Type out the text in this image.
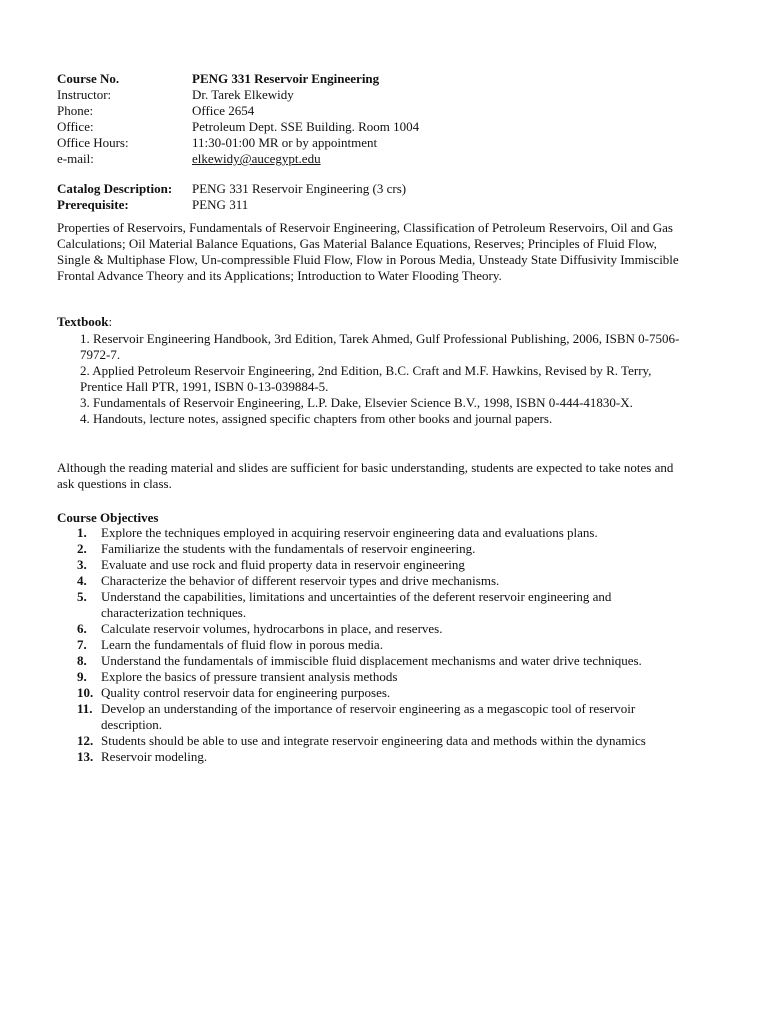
Course No.	PENG 331 Reservoir Engineering
Instructor:	Dr. Tarek Elkewidy
Phone:	Office 2654
Office:	Petroleum Dept. SSE Building. Room 1004
Office Hours:	11:30-01:00 MR or by appointment
e-mail:	elkewidy@aucegypt.edu
Catalog Description:	PENG 331 Reservoir Engineering (3 crs)
Prerequisite:	PENG 311
Properties of Reservoirs, Fundamentals of Reservoir Engineering, Classification of Petroleum Reservoirs, Oil and Gas Calculations; Oil Material Balance Equations, Gas Material Balance Equations, Reserves; Principles of Fluid Flow, Single & Multiphase Flow, Un-compressible Fluid Flow, Flow in Porous Media, Unsteady State Diffusivity Immiscible Frontal Advance Theory and its Applications; Introduction to Water Flooding Theory.
Textbook:
1. Reservoir Engineering Handbook, 3rd Edition, Tarek Ahmed, Gulf Professional Publishing, 2006, ISBN 0-7506-7972-7.
2. Applied Petroleum Reservoir Engineering, 2nd Edition, B.C. Craft and M.F. Hawkins, Revised by R. Terry, Prentice Hall PTR, 1991, ISBN 0-13-039884-5.
3. Fundamentals of Reservoir Engineering, L.P. Dake, Elsevier Science B.V., 1998, ISBN 0-444-41830-X.
4. Handouts, lecture notes, assigned specific chapters from other books and journal papers.
Although the reading material and slides are sufficient for basic understanding, students are expected to take notes and ask questions in class.
Course Objectives
1.	Explore the techniques employed in acquiring reservoir engineering data and evaluations plans.
2.	Familiarize the students with the fundamentals of reservoir engineering.
3.	Evaluate and use rock and fluid property data in reservoir engineering
4.	Characterize the behavior of different reservoir types and drive mechanisms.
5.	Understand the capabilities, limitations and uncertainties of the deferent reservoir engineering and characterization techniques.
6.	Calculate reservoir volumes, hydrocarbons in place, and reserves.
7.	Learn the fundamentals of fluid flow in porous media.
8.	Understand the fundamentals of immiscible fluid displacement mechanisms and water drive techniques.
9.	Explore the basics of pressure transient analysis methods
10. Quality control reservoir data for engineering purposes.
11. Develop an understanding of the importance of reservoir engineering as a megascopic tool of reservoir description.
12. Students should be able to use and integrate reservoir engineering data and methods within the dynamics
13. Reservoir modeling.
